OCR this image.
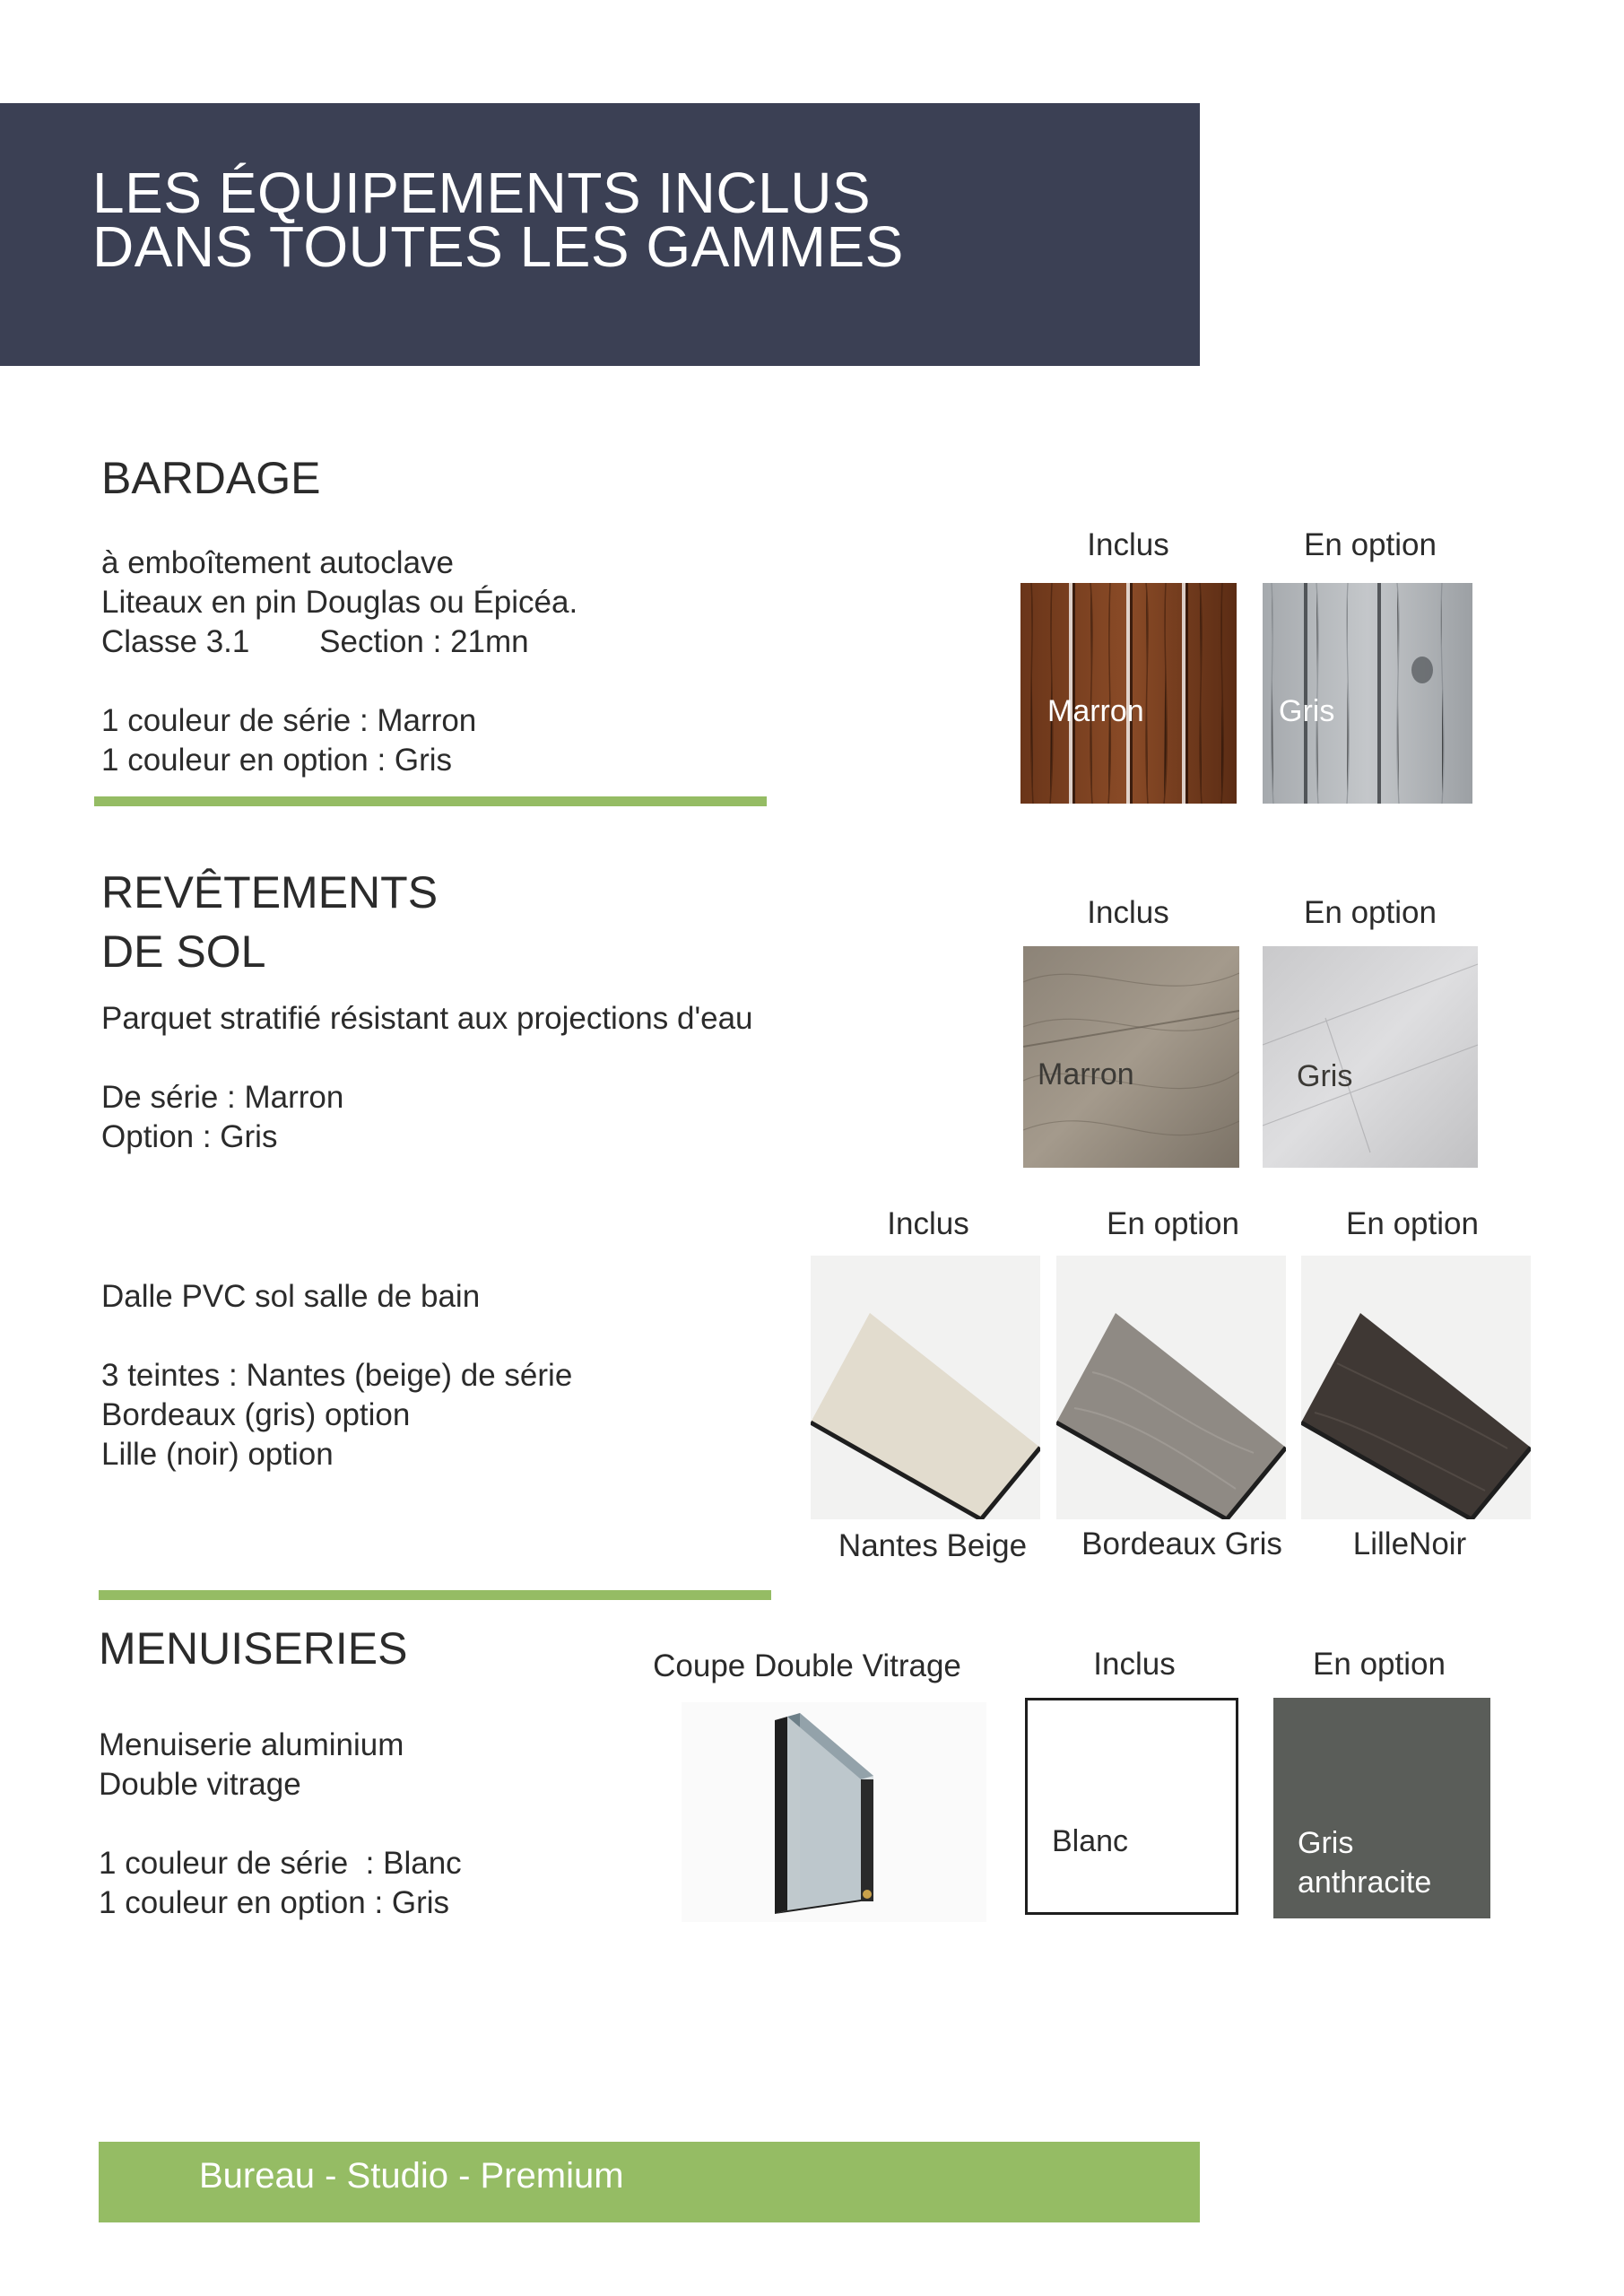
LES ÉQUIPEMENTS INCLUS
DANS TOUTES LES GAMMES
BARDAGE
à emboîtement autoclave
Liteaux en pin Douglas ou Épicéa.
Classe 3.1        Section : 21mn

1 couleur de série : Marron
1 couleur en option : Gris
Inclus	En option
Marron	Gris
REVÊTEMENTS
DE SOL
Parquet stratifié résistant aux projections d'eau

De série : Marron
Option : Gris
Inclus	En option
Marron	Gris
Dalle PVC sol salle de bain

3 teintes : Nantes (beige) de série
Bordeaux (gris) option
Lille (noir) option
Inclus	En option	En option
Nantes Beige	Bordeaux Gris	LilleNoir
MENUISERIES
Menuiserie aluminium
Double vitrage

1 couleur de série  : Blanc
1 couleur en option : Gris
Coupe Double Vitrage	Inclus	En option
Blanc	Gris
anthracite
Bureau - Studio - Premium
